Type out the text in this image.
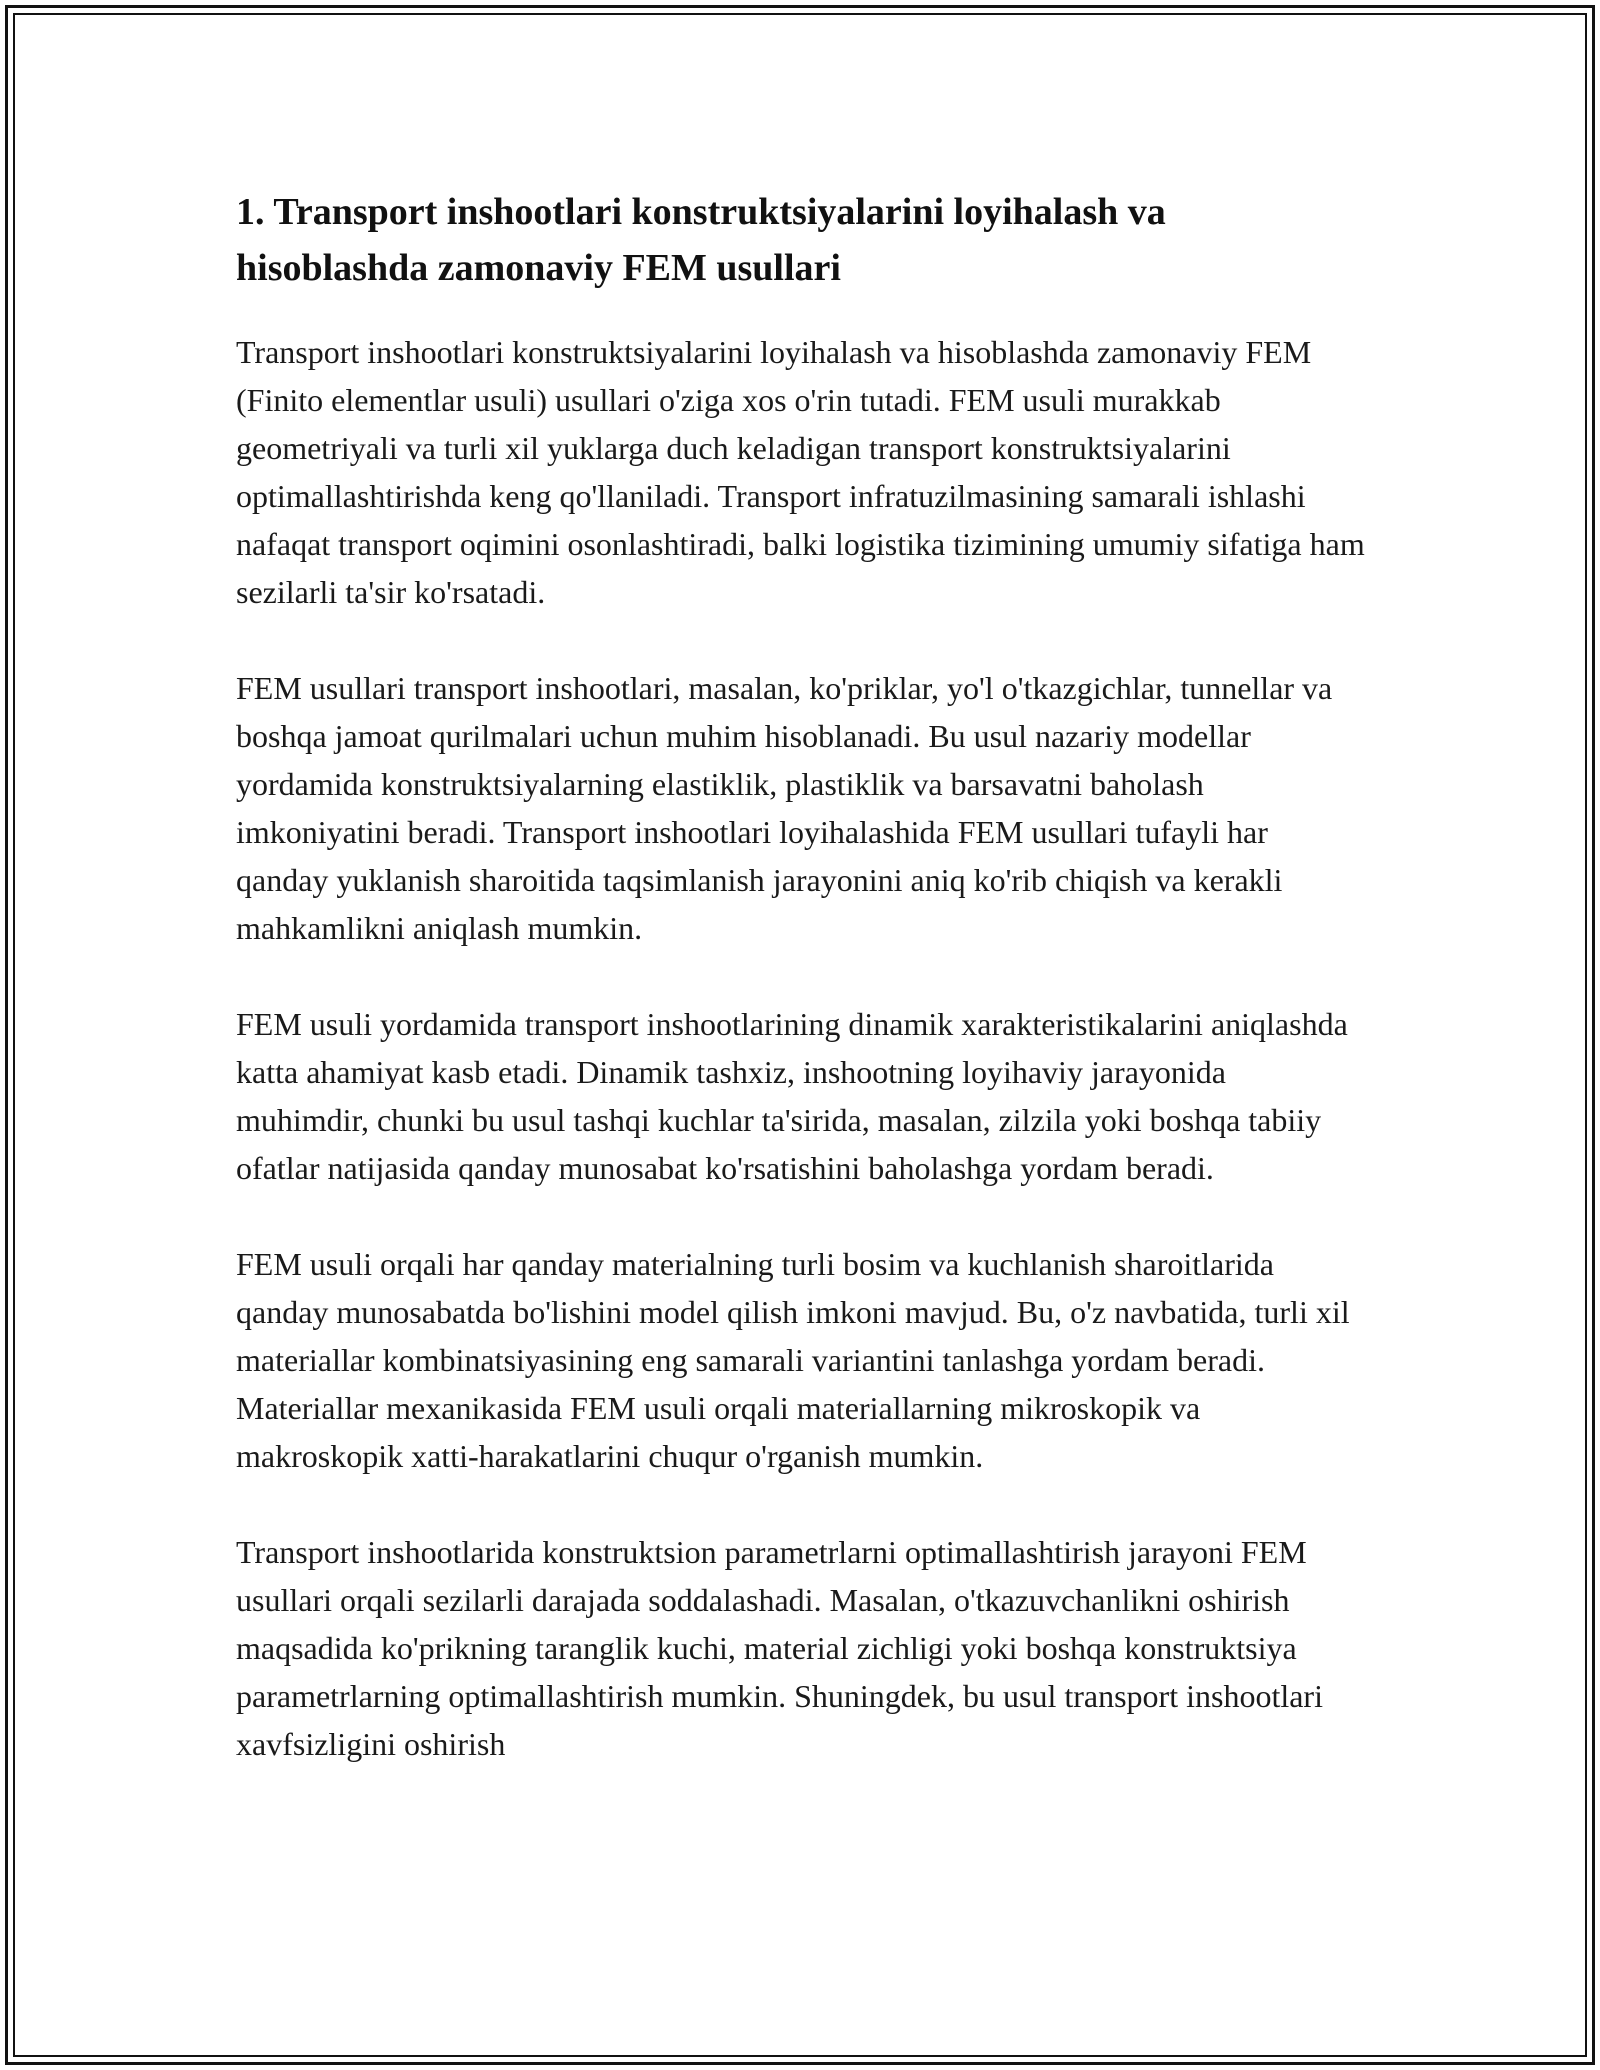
1. Transport inshootlari konstruktsiyalarini loyihalash va
hisoblashda zamonaviy FEM usullari

Transport inshootlari konstruktsiyalarini loyihalash va hisoblashda zamonaviy FEM (Finito elementlar usuli) usullari o'ziga xos o'rin tutadi. FEM usuli murakkab geometriyali va turli xil yuklarga duch keladigan transport konstruktsiyalarini optimallashtirishda keng qo'llaniladi. Transport infratuzilmasining samarali ishlashi nafaqat transport oqimini osonlashtiradi, balki logistika tizimining umumiy sifatiga ham sezilarli ta'sir ko'rsatadi.

FEM usullari transport inshootlari, masalan, ko'priklar, yo'l o'tkazgichlar, tunnellar va boshqa jamoat qurilmalari uchun muhim hisoblanadi. Bu usul nazariy modellar yordamida konstruktsiyalarning elastiklik, plastiklik va barsavatni baholash imkoniyatini beradi. Transport inshootlari loyihalashida FEM usullari tufayli har qanday yuklanish sharoitida taqsimlanish jarayonini aniq ko'rib chiqish va kerakli mahkamlikni aniqlash mumkin.

FEM usuli yordamida transport inshootlarining dinamik xarakteristikalarini aniqlashda katta ahamiyat kasb etadi. Dinamik tashxiz, inshootning loyihaviy jarayonida muhimdir, chunki bu usul tashqi kuchlar ta'sirida, masalan, zilzila yoki boshqa tabiiy ofatlar natijasida qanday munosabat ko'rsatishini baholashga yordam beradi.

FEM usuli orqali har qanday materialning turli bosim va kuchlanish sharoitlarida qanday munosabatda bo'lishini model qilish imkoni mavjud. Bu, o'z navbatida, turli xil materiallar kombinatsiyasining eng samarali variantini tanlashga yordam beradi. Materiallar mexanikasida FEM usuli orqali materiallarning mikroskopik va makroskopik xatti-harakatlarini chuqur o'rganish mumkin.

Transport inshootlarida konstruktsion parametrlarni optimallashtirish jarayoni FEM usullari orqali sezilarli darajada soddalashadi. Masalan, o'tkazuvchanlikni oshirish maqsadida ko'prikning taranglik kuchi, material zichligi yoki boshqa konstruktsiya parametrlarning optimallashtirish mumkin. Shuningdek, bu usul transport inshootlari xavfsizligini oshirish
